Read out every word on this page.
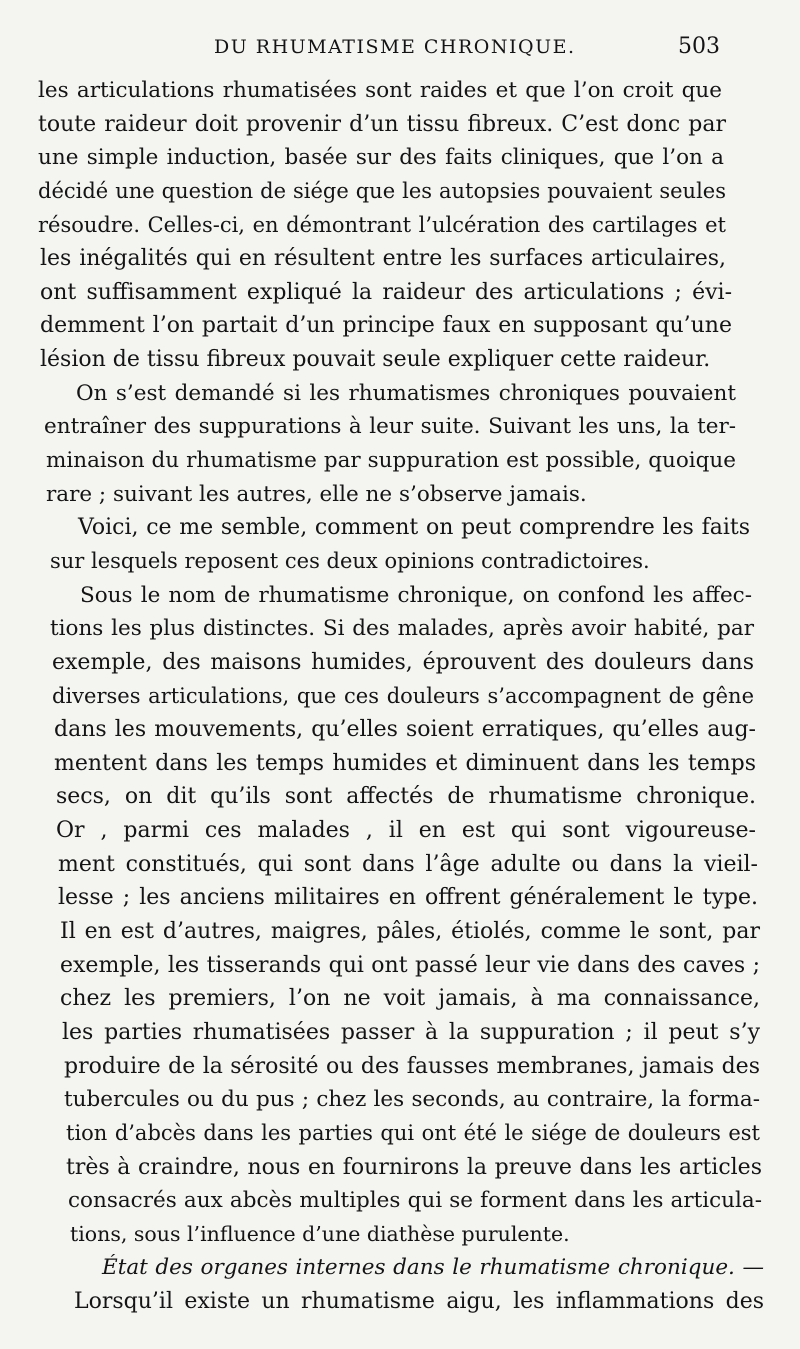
DU RHUMATISME CHRONIQUE.	503
les articulations rhumatisées sont raides et que l’on croit que
toute raideur doit provenir d’un tissu fibreux. C’est donc par
une simple induction, basée sur des faits cliniques, que l’on a
décidé une question de siége que les autopsies pouvaient seules
résoudre. Celles-ci, en démontrant l’ulcération des cartilages et
les inégalités qui en résultent entre les surfaces articulaires,
ont suffisamment expliqué la raideur des articulations ; évi-
demment l’on partait d’un principe faux en supposant qu’une
lésion de tissu fibreux pouvait seule expliquer cette raideur.
On s’est demandé si les rhumatismes chroniques pouvaient
entraîner des suppurations à leur suite. Suivant les uns, la ter-
minaison du rhumatisme par suppuration est possible, quoique
rare ; suivant les autres, elle ne s’observe jamais.
Voici, ce me semble, comment on peut comprendre les faits
sur lesquels reposent ces deux opinions contradictoires.
Sous le nom de rhumatisme chronique, on confond les affec-
tions les plus distinctes. Si des malades, après avoir habité, par
exemple, des maisons humides, éprouvent des douleurs dans
diverses articulations, que ces douleurs s’accompagnent de gêne
dans les mouvements, qu’elles soient erratiques, qu’elles aug-
mentent dans les temps humides et diminuent dans les temps
secs, on dit qu’ils sont affectés de rhumatisme chronique.
Or , parmi ces malades , il en est qui sont vigoureuse-
ment constitués, qui sont dans l’âge adulte ou dans la vieil-
lesse ; les anciens militaires en offrent généralement le type.
Il en est d’autres, maigres, pâles, étiolés, comme le sont, par
exemple, les tisserands qui ont passé leur vie dans des caves ;
chez les premiers, l’on ne voit jamais, à ma connaissance,
les parties rhumatisées passer à la suppuration ; il peut s’y
produire de la sérosité ou des fausses membranes, jamais des
tubercules ou du pus ; chez les seconds, au contraire, la forma-
tion d’abcès dans les parties qui ont été le siége de douleurs est
très à craindre, nous en fournirons la preuve dans les articles
consacrés aux abcès multiples qui se forment dans les articula-
tions, sous l’influence d’une diathèse purulente.
État des organes internes dans le rhumatisme chronique. —
Lorsqu’il existe un rhumatisme aigu, les inflammations des
